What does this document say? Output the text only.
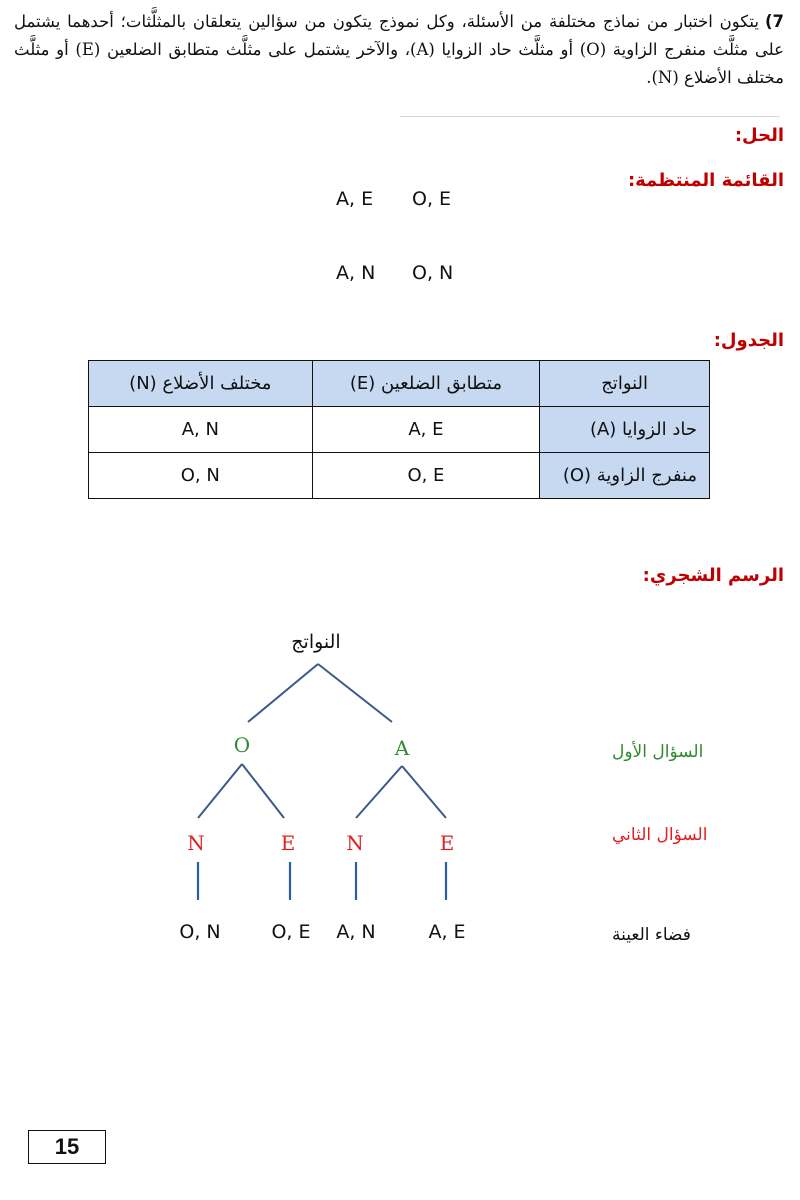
7)يتكون اختبار من نماذج مختلفة من الأسئلة، وكل نموذج يتكون من سؤالين يتعلقان بالمثلَّثات؛ أحدهما يشتمل على مثلَّث منفرج الزاوية (O) أو مثلَّث حاد الزوايا (A)، والآخر يشتمل على مثلَّث متطابق الضلعين (E) أو مثلَّث مختلف الأضلاع (N).
الحل:
القائمة المنتظمة:
A, E O, E
A, N O, N
الجدول:
النواتج	متطابق الضلعين (E)	مختلف الأضلاع (N)
حاد الزوايا (A)	A, E	A, N
منفرج الزاوية (O)	O, E	O, N
الرسم الشجري:
النواتج
O	A
N	E	N	E
O, N	O, E A, N	A, E
السؤال الأول
السؤال الثاني
فضاء العينة
15
